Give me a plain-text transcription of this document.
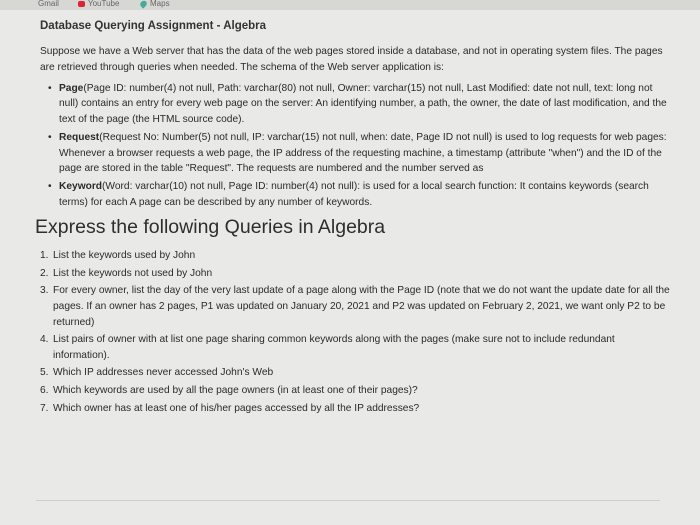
Gmail	YouTube	Maps
Database Querying Assignment - Algebra

Suppose we have a Web server that has the data of the web pages stored inside a database, and not in operating system files. The pages are retrieved through queries when needed. The schema of the Web server application is:

• Page(Page ID: number(4) not null, Path: varchar(80) not null, Owner: varchar(15) not null, Last Modified: date not null, text: long not null) contains an entry for every web page on the server: An identifying number, a path, the owner, the date of last modification, and the text of the page (the HTML source code).
• Request(Request No: Number(5) not null, IP: varchar(15) not null, when: date, Page ID not null) is used to log requests for web pages: Whenever a browser requests a web page, the IP address of the requesting machine, a timestamp (attribute "when") and the ID of the page are stored in the table "Request". The requests are numbered and the number served as
• Keyword(Word: varchar(10) not null, Page ID: number(4) not null): is used for a local search function: It contains keywords (search terms) for each A page can be described by any number of keywords.
Express the following Queries in Algebra
1. List the keywords used by John
2. List the keywords not used by John
3. For every owner, list the day of the very last update of a page along with the Page ID (note that we do not want the update date for all the pages. If an owner has 2 pages, P1 was updated on January 20, 2021 and P2 was updated on February 2, 2021, we want only P2 to be returned)
4. List pairs of owner with at list one page sharing common keywords along with the pages (make sure not to include redundant information).
5. Which IP addresses never accessed John's Web
6. Which keywords are used by all the page owners (in at least one of their pages)?
7. Which owner has at least one of his/her pages accessed by all the IP addresses?
